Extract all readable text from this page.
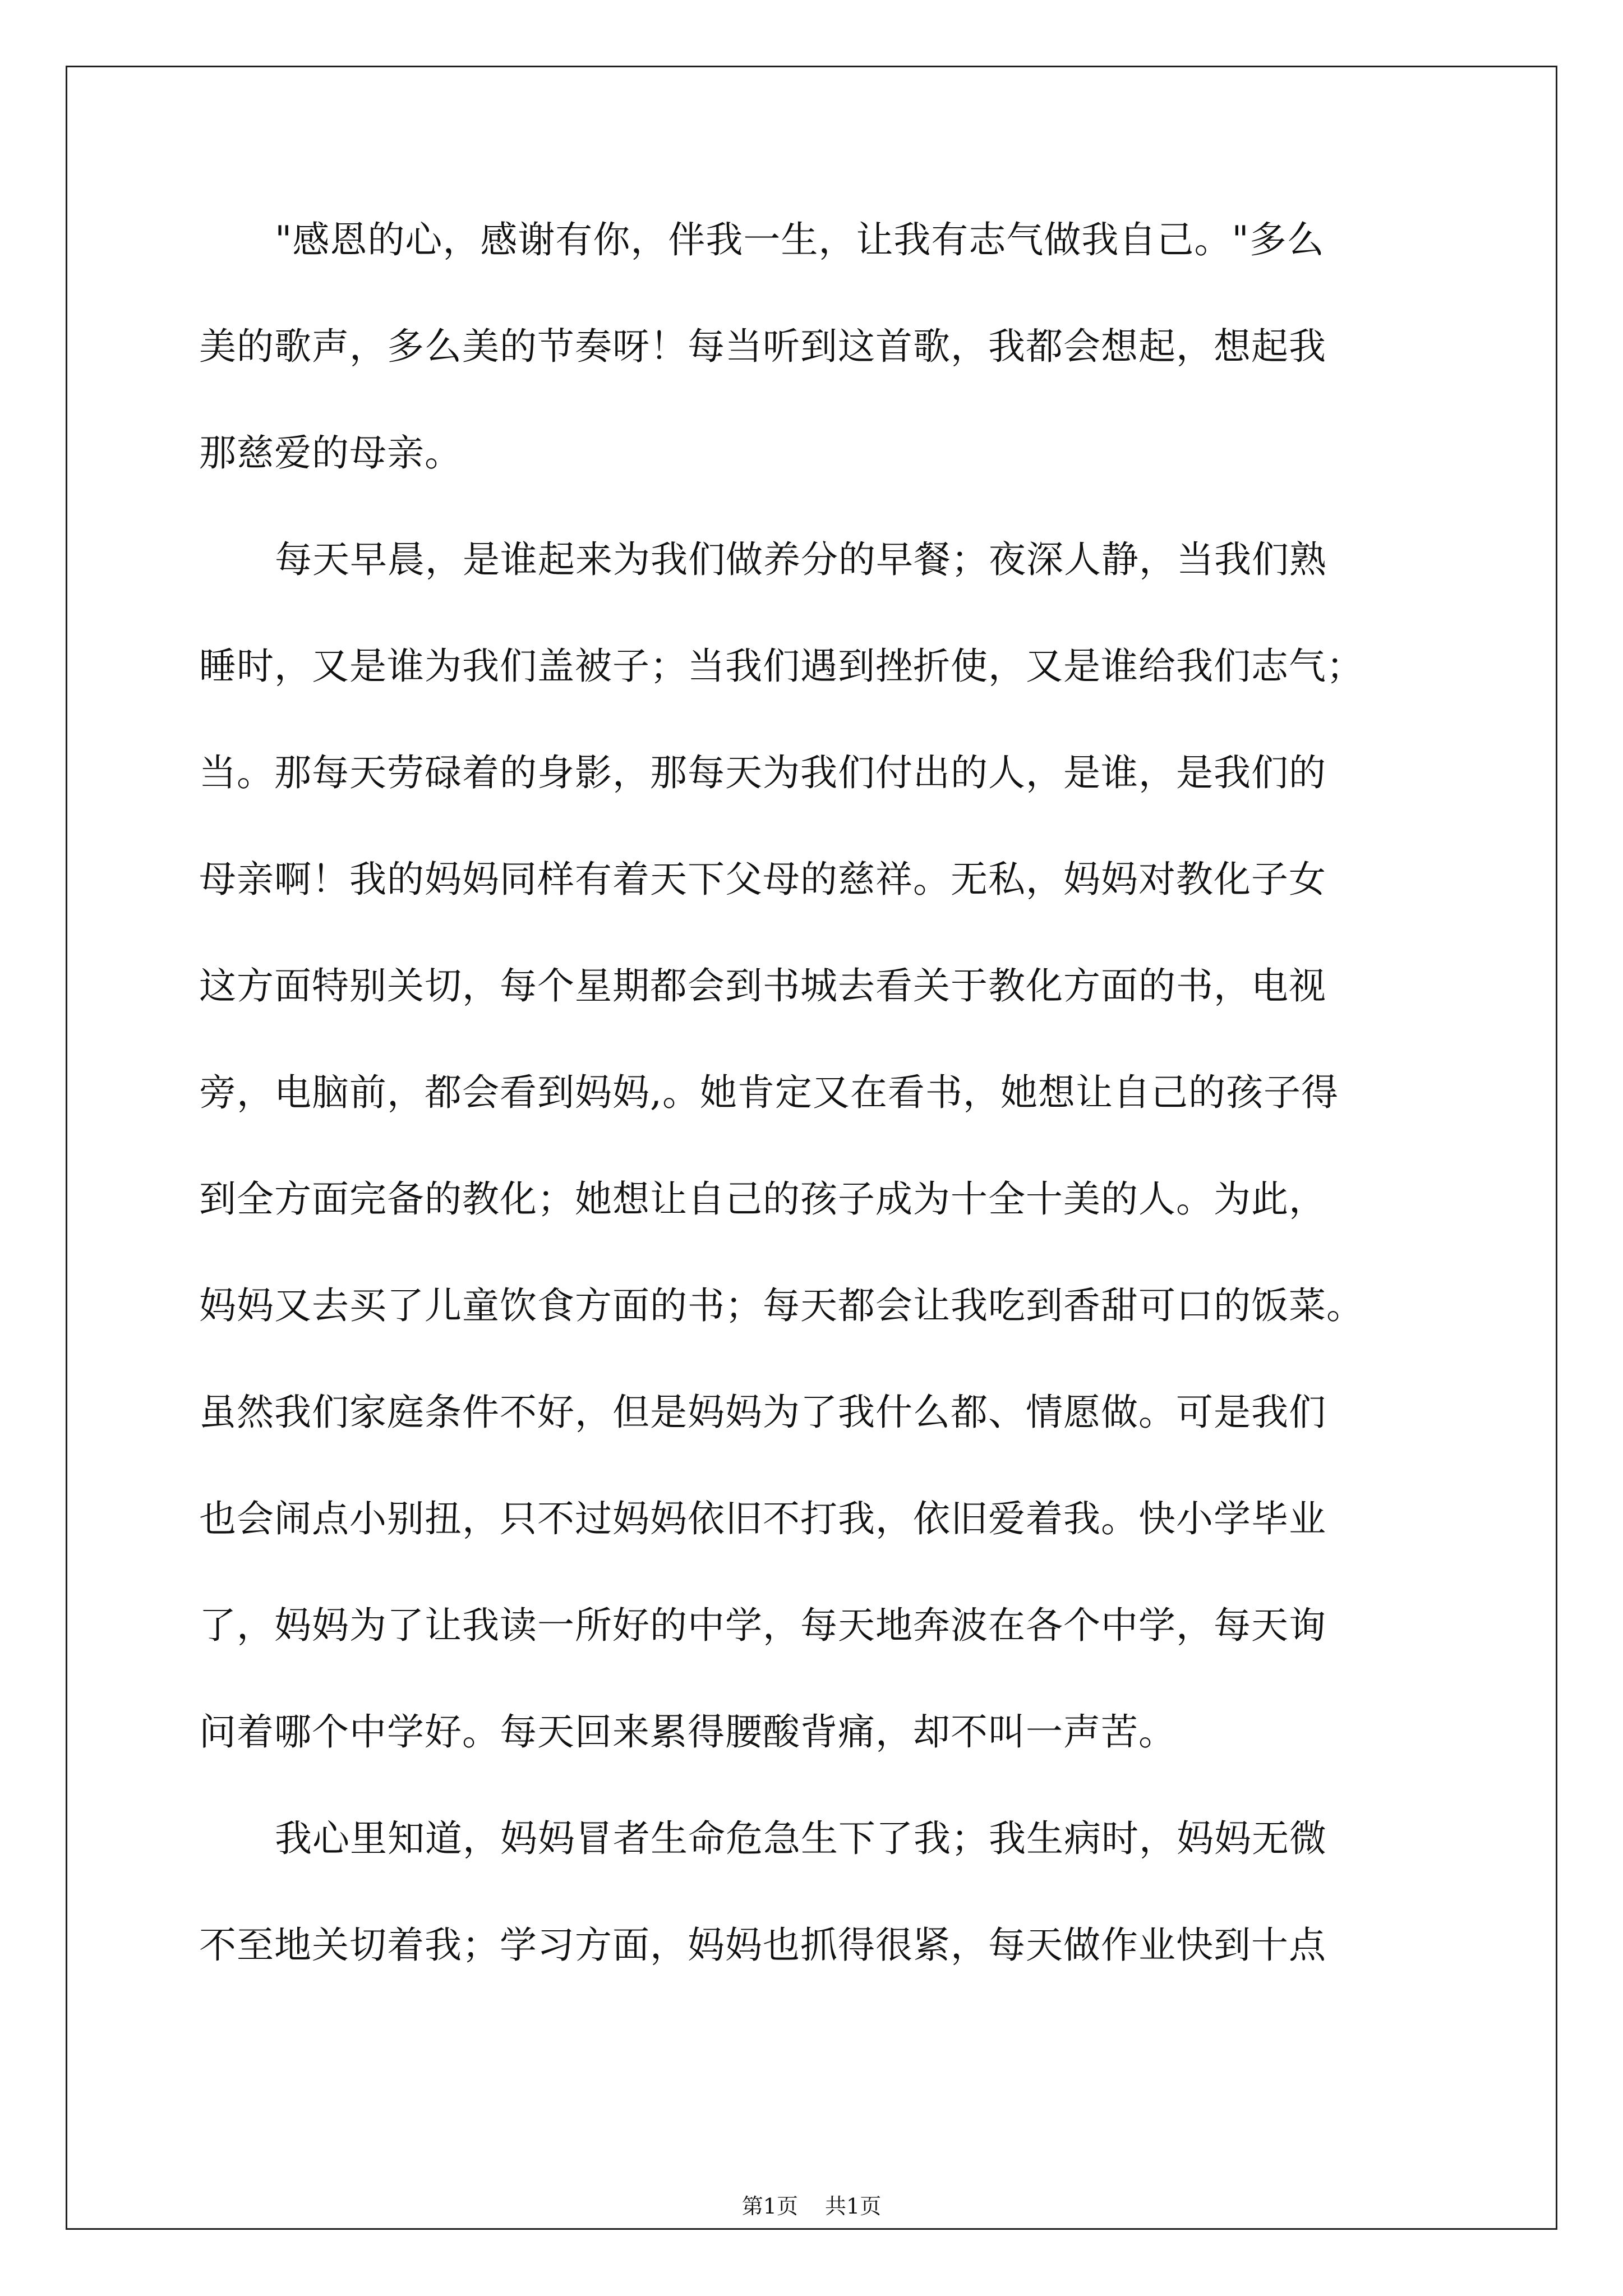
"感恩的心，感谢有你，伴我一生，让我有志气做我自己。"多么
美的歌声，多么美的节奏呀！每当听到这首歌，我都会想起，想起我
那慈爱的母亲。
每天早晨，是谁起来为我们做养分的早餐；夜深人静，当我们熟
睡时，又是谁为我们盖被子；当我们遇到挫折使，又是谁给我们志气；
当。那每天劳碌着的身影，那每天为我们付出的人，是谁，是我们的
母亲啊！我的妈妈同样有着天下父母的慈祥。无私，妈妈对教化子女
这方面特别关切，每个星期都会到书城去看关于教化方面的书，电视
旁，电脑前，都会看到妈妈,。她肯定又在看书，她想让自己的孩子得
到全方面完备的教化；她想让自己的孩子成为十全十美的人。为此，
妈妈又去买了儿童饮食方面的书；每天都会让我吃到香甜可口的饭菜。
虽然我们家庭条件不好，但是妈妈为了我什么都、情愿做。可是我们
也会闹点小别扭，只不过妈妈依旧不打我，依旧爱着我。快小学毕业
了，妈妈为了让我读一所好的中学，每天地奔波在各个中学，每天询
问着哪个中学好。每天回来累得腰酸背痛，却不叫一声苦。
我心里知道，妈妈冒者生命危急生下了我；我生病时，妈妈无微
不至地关切着我；学习方面，妈妈也抓得很紧，每天做作业快到十点
第1页 共1页
